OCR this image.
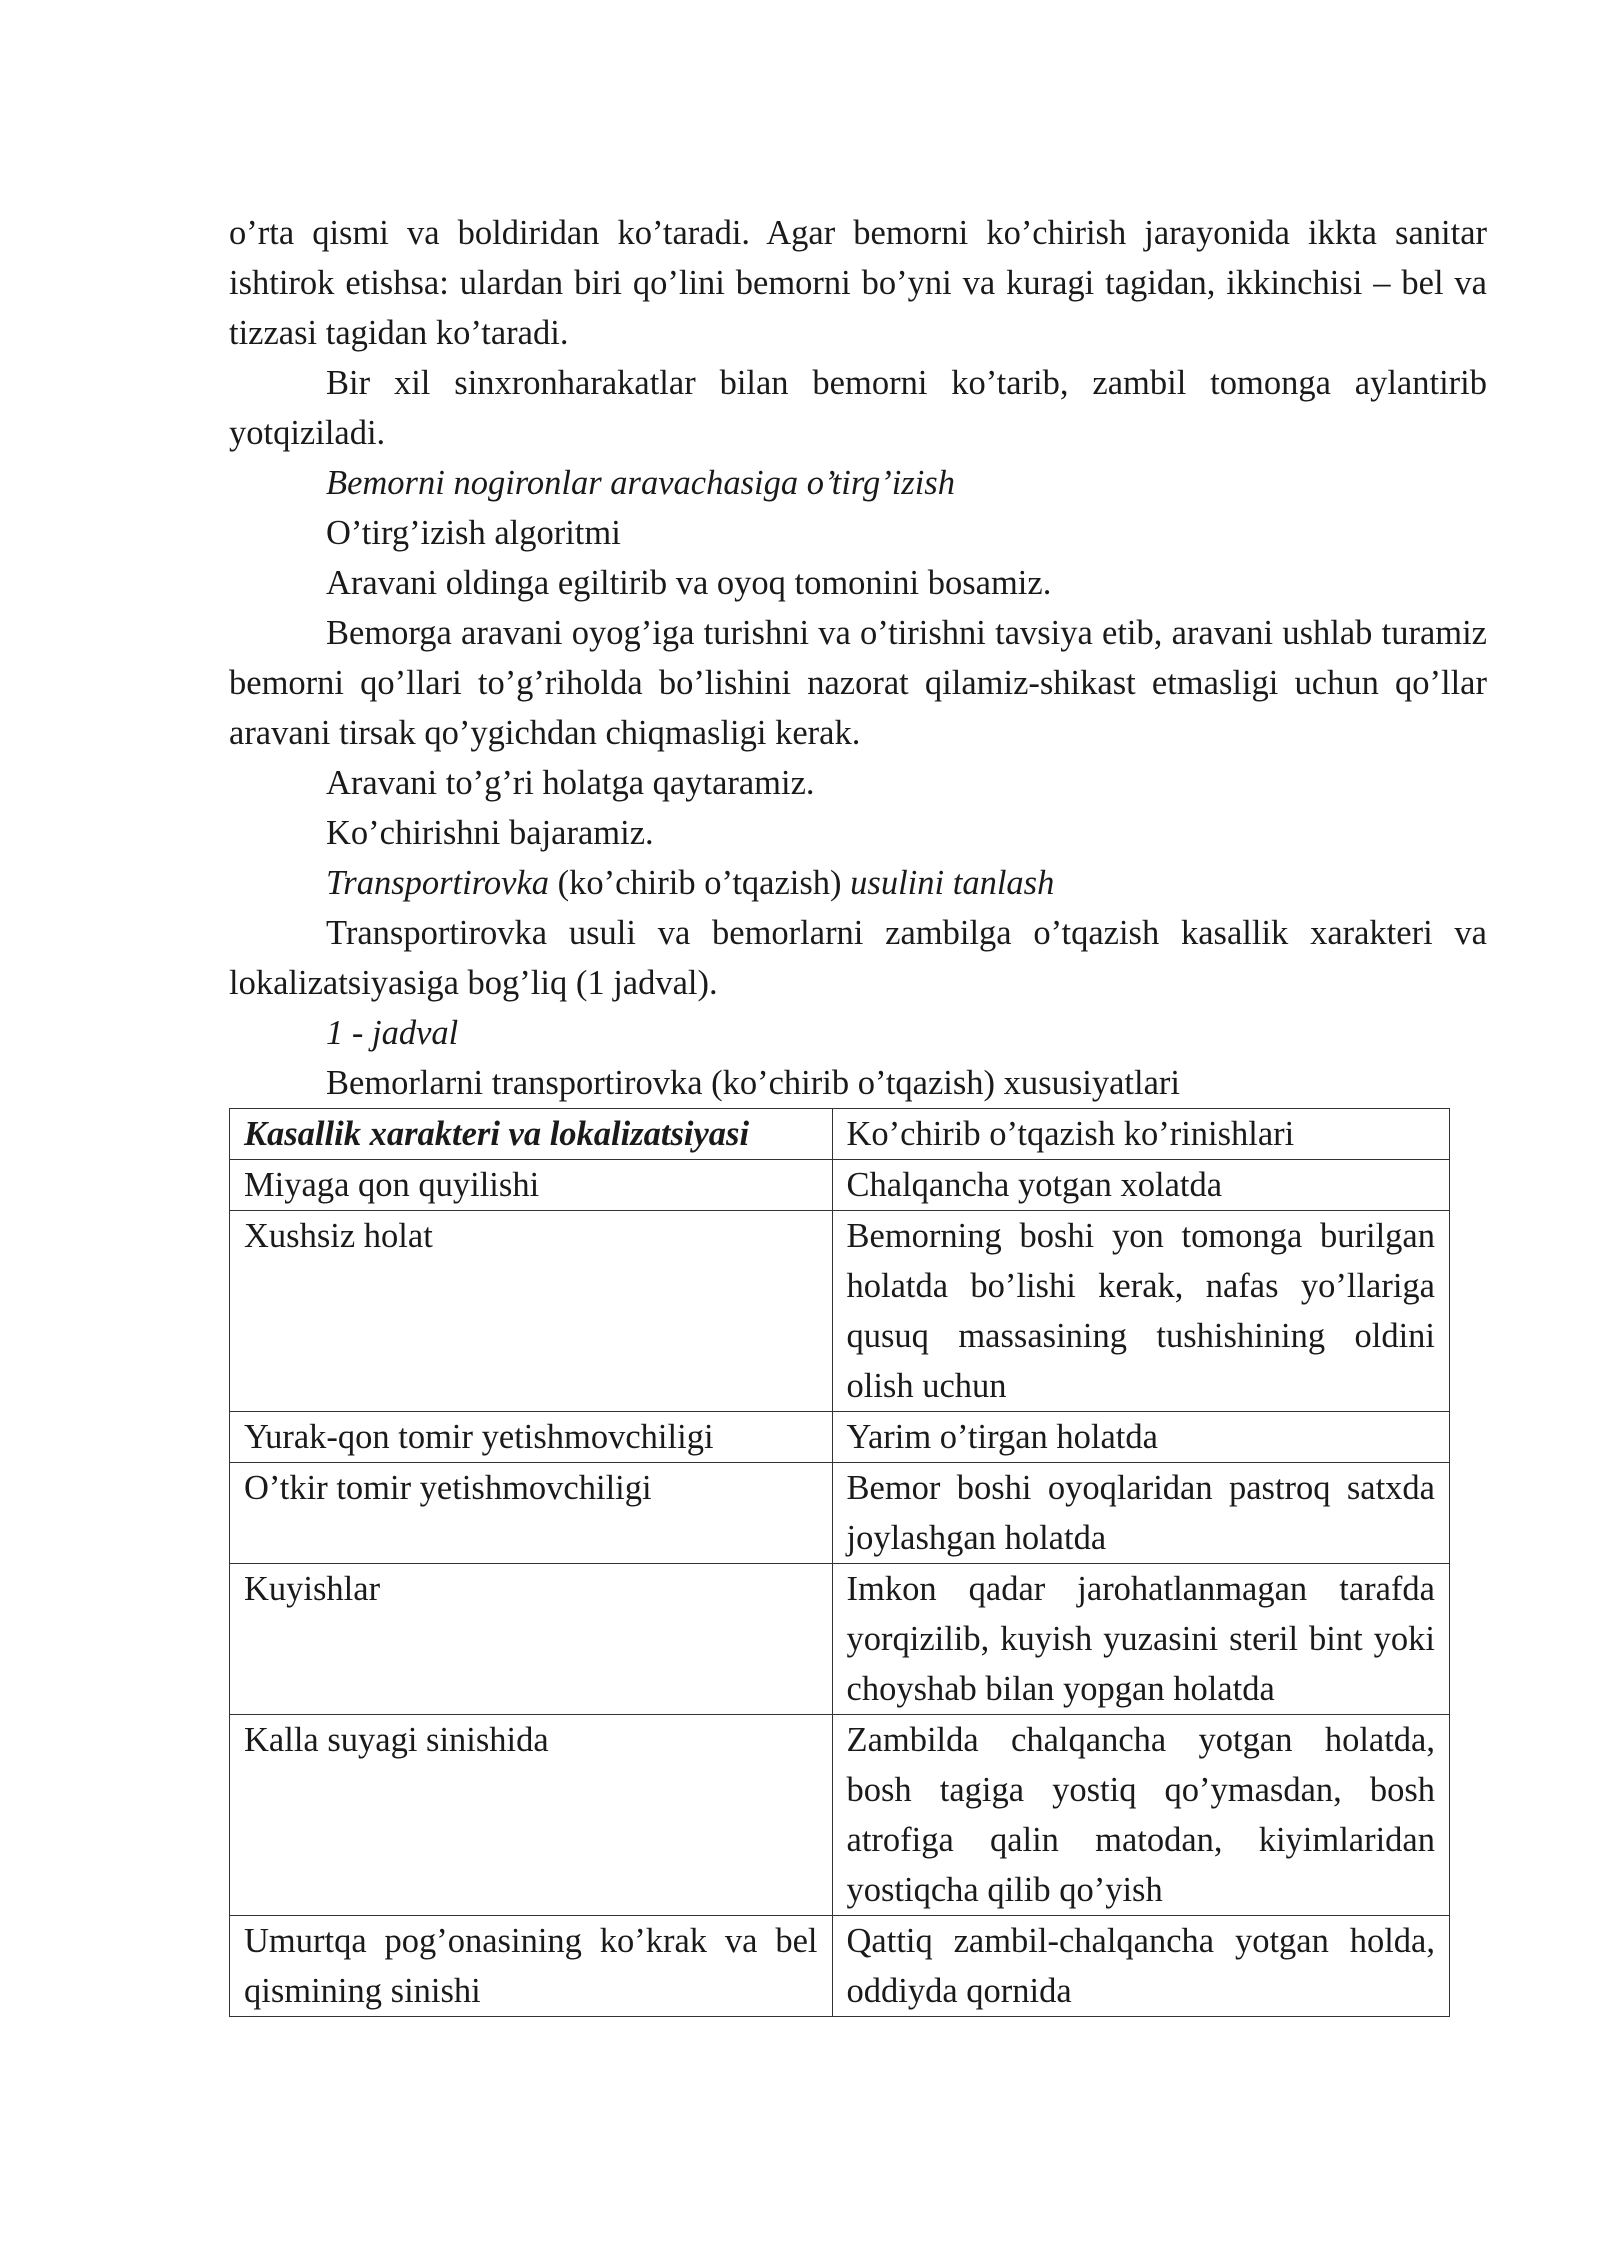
o’rta qismi va boldiridan ko’taradi. Agar bemorni ko’chirish jarayonida ikkta sanitar ishtirok etishsa: ulardan biri qo’lini bemorni bo’yni va kuragi tagidan, ikkinchisi – bel va tizzasi tagidan ko’taradi.

Bir xil sinxronharakatlar bilan bemorni ko’tarib, zambil tomonga aylantirib yotqiziladi.

Bemorni nogironlar aravachasiga o’tirg’izish

O’tirg’izish algoritmi

Aravani oldinga egiltirib va oyoq tomonini bosamiz.

Bemorga aravani oyog’iga turishni va o’tirishni tavsiya etib, aravani ushlab turamiz bemorni qo’llari to’g’riholda bo’lishini nazorat qilamiz-shikast etmasligi uchun qo’llar aravani tirsak qo’ygichdan chiqmasligi kerak.

Aravani to’g’ri holatga qaytaramiz.

Ko’chirishni bajaramiz.

Transportirovka (ko’chirib o’tqazish) usulini tanlash

Transportirovka usuli va bemorlarni zambilga o’tqazish kasallik xarakteri va lokalizatsiyasiga bog’liq (1 jadval).

1 - jadval

Bemorlarni transportirovka (ko’chirib o’tqazish) xususiyatlari

Kasallik xarakteri va lokalizatsiyasi	Ko’chirib o’tqazish ko’rinishlari
Miyaga qon quyilishi	Chalqancha yotgan xolatda
Xushsiz holat	Bemorning boshi yon tomonga burilgan holatda bo’lishi kerak, nafas yo’llariga qusuq massasining tushishining oldini olish uchun
Yurak-qon tomir yetishmovchiligi	Yarim o’tirgan holatda
O’tkir tomir yetishmovchiligi	Bemor boshi oyoqlaridan pastroq satxda joylashgan holatda
Kuyishlar	Imkon qadar jarohatlanmagan tarafda yorqizilib, kuyish yuzasini steril bint yoki choyshab bilan yopgan holatda
Kalla suyagi sinishida	Zambilda chalqancha yotgan holatda, bosh tagiga yostiq qo’ymasdan, bosh atrofiga qalin matodan, kiyimlaridan yostiqcha qilib qo’yish
Umurtqa pog’onasining ko’krak va bel qismining sinishi	Qattiq zambil-chalqancha yotgan holda, oddiyda qornida
